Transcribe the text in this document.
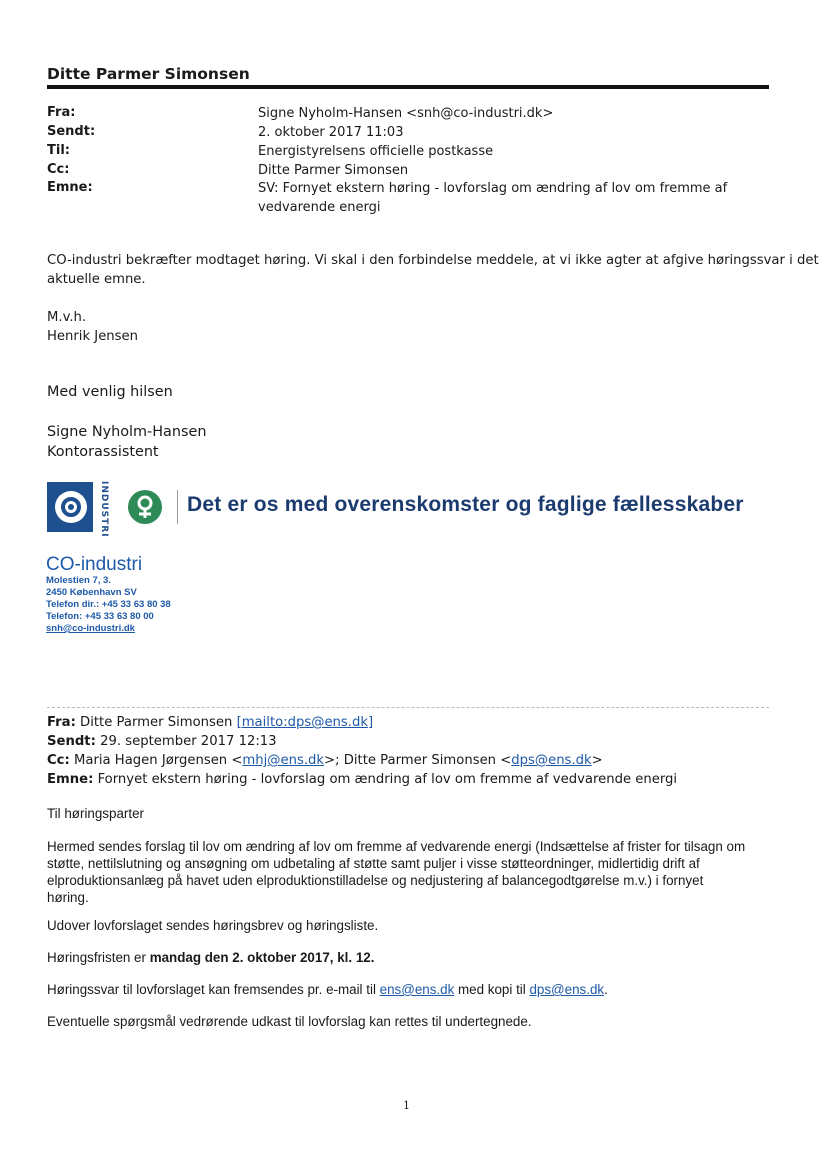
Ditte Parmer Simonsen
Fra:
Sendt:
Til:
Cc:
Emne:
Signe Nyholm-Hansen <snh@co-industri.dk>
2. oktober 2017 11:03
Energistyrelsens officielle postkasse
Ditte Parmer Simonsen
SV: Fornyet ekstern høring - lovforslag om ændring af lov om fremme af
vedvarende energi
CO-industri bekræfter modtaget høring. Vi skal i den forbindelse meddele, at vi ikke agter at afgive høringssvar i det
aktuelle emne.
M.v.h.
Henrik Jensen
Med venlig hilsen
Signe Nyholm-Hansen
Kontorassistent
INDUSTRI	Det er os med overenskomster og faglige fællesskaber
CO-industri
Molestien 7, 3.
2450 København SV
Telefon dir.: +45 33 63 80 38
Telefon: +45 33 63 80 00
snh@co-industri.dk
Fra: Ditte Parmer Simonsen [mailto:dps@ens.dk]
Sendt: 29. september 2017 12:13
Cc: Maria Hagen Jørgensen <mhj@ens.dk>; Ditte Parmer Simonsen <dps@ens.dk>
Emne: Fornyet ekstern høring - lovforslag om ændring af lov om fremme af vedvarende energi
Til høringsparter
Hermed sendes forslag til lov om ændring af lov om fremme af vedvarende energi (Indsættelse af frister for tilsagn om
støtte, nettilslutning og ansøgning om udbetaling af støtte samt puljer i visse støtteordninger, midlertidig drift af
elproduktionsanlæg på havet uden elproduktionstilladelse og nedjustering af balancegodtgørelse m.v.) i fornyet
høring.
Udover lovforslaget sendes høringsbrev og høringsliste.
Høringsfristen er mandag den 2. oktober 2017, kl. 12.
Høringssvar til lovforslaget kan fremsendes pr. e-mail til ens@ens.dk med kopi til dps@ens.dk.
Eventuelle spørgsmål vedrørende udkast til lovforslag kan rettes til undertegnede.
1
